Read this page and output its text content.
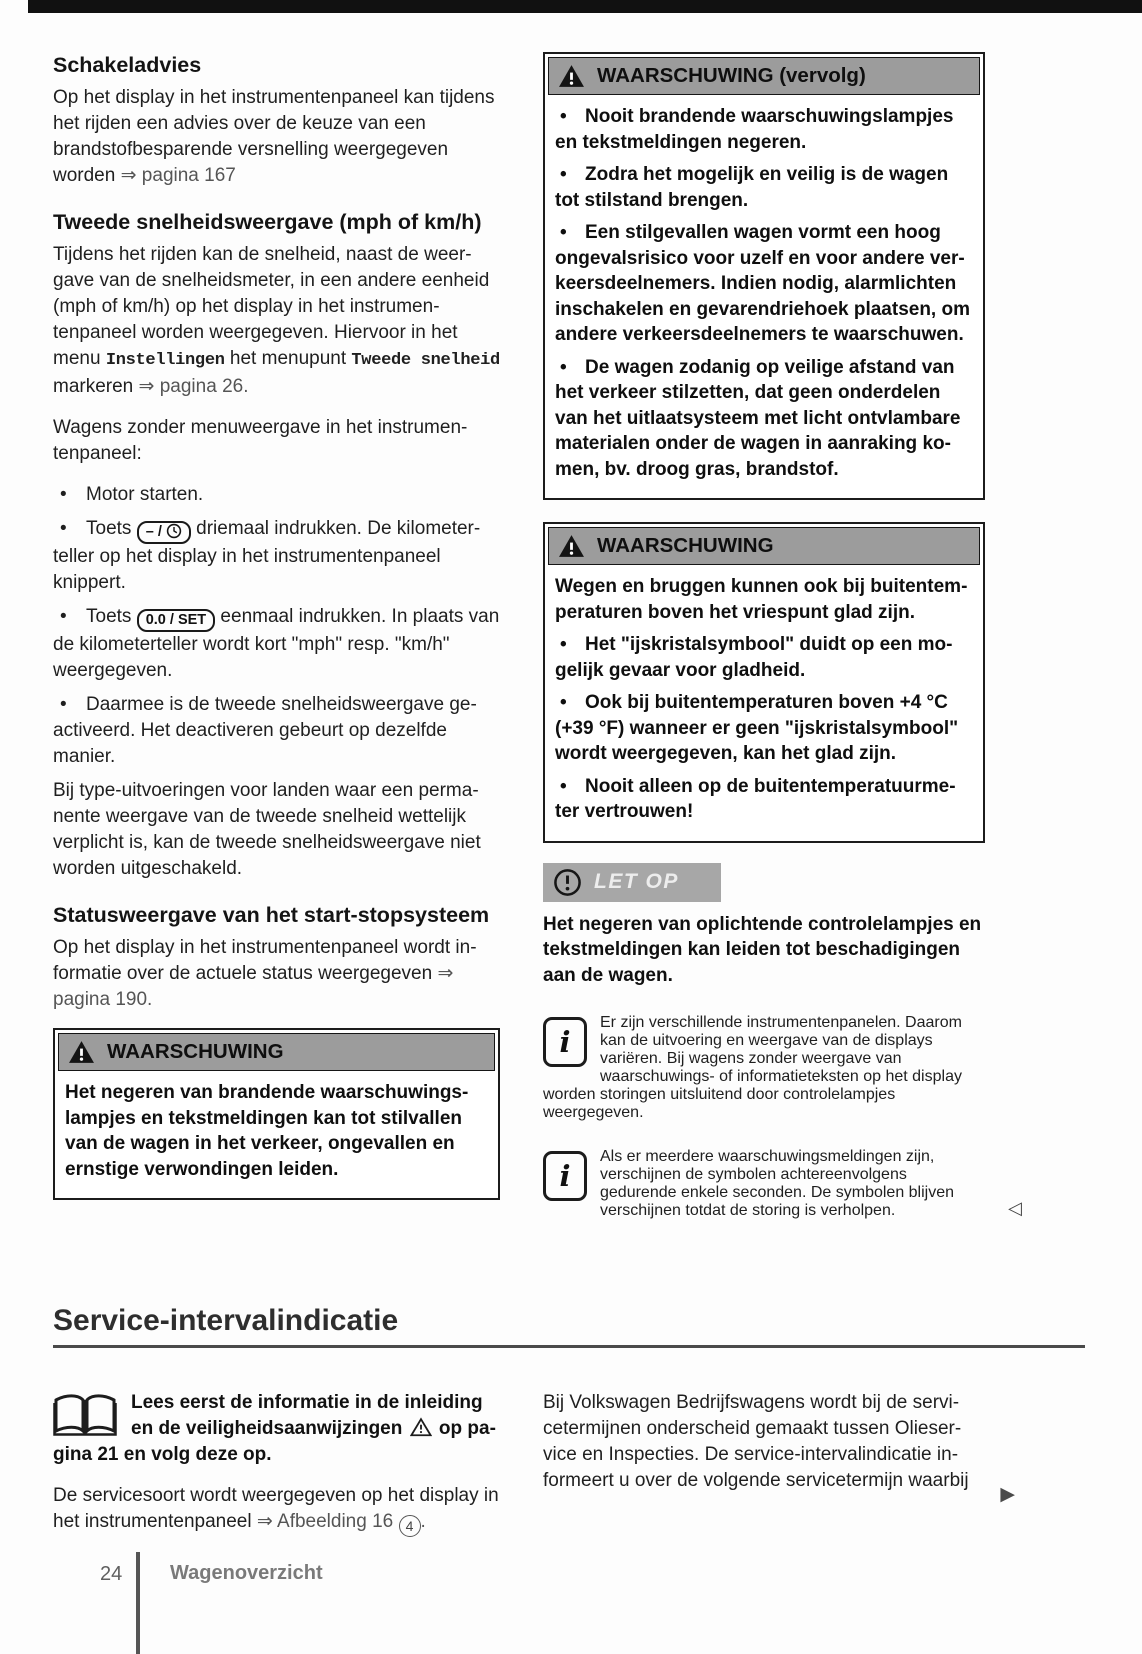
Schakeladvies

Op het display in het instrumentenpaneel kan tijdens het rijden een advies over de keuze van een brandstofbesparende versnelling weergegeven worden ⇒ pagina 167

Tweede snelheidsweergave (mph of km/h)

Tijdens het rijden kan de snelheid, naast de weergave van de snelheidsmeter, in een andere eenheid (mph of km/h) op het display in het instrumentenpaneel worden weergegeven. Hiervoor in het menu Instellingen het menupunt Tweede snelheid markeren ⇒ pagina 26.

Wagens zonder menuweergave in het instrumentenpaneel:

• Motor starten.

• Toets – /  driemaal indrukken. De kilometerteller op het display in het instrumentenpaneel knippert.

• Toets 0.0 / SET eenmaal indrukken. In plaats van de kilometerteller wordt kort "mph" resp. "km/h" weergegeven.

• Daarmee is de tweede snelheidsweergave geactiveerd. Het deactiveren gebeurt op dezelfde manier.

Bij type-uitvoeringen voor landen waar een permanente weergave van de tweede snelheid wettelijk verplicht is, kan de tweede snelheidsweergave niet worden uitgeschakeld.

Statusweergave van het start-stopsysteem

Op het display in het instrumentenpaneel wordt informatie over de actuele status weergegeven ⇒ pagina 190.

WAARSCHUWING

Het negeren van brandende waarschuwingslampjes en tekstmeldingen kan tot stilvallen van de wagen in het verkeer, ongevallen en ernstige verwondingen leiden.

WAARSCHUWING (vervolg)

• Nooit brandende waarschuwingslampjes en tekstmeldingen negeren.

• Zodra het mogelijk en veilig is de wagen tot stilstand brengen.

• Een stilgevallen wagen vormt een hoog ongevalsrisico voor uzelf en voor andere verkeersdeelnemers. Indien nodig, alarmlichten inschakelen en gevarendriehoek plaatsen, om andere verkeersdeelnemers te waarschuwen.

• De wagen zodanig op veilige afstand van het verkeer stilzetten, dat geen onderdelen van het uitlaatsysteem met licht ontvlambare materialen onder de wagen in aanraking komen, bv. droog gras, brandstof.

WAARSCHUWING

Wegen en bruggen kunnen ook bij buitentemperaturen boven het vriespunt glad zijn.

• Het "ijskristalsymbool" duidt op een mogelijk gevaar voor gladheid.

• Ook bij buitentemperaturen boven +4 °C (+39 °F) wanneer er geen "ijskristalsymbool" wordt weergegeven, kan het glad zijn.

• Nooit alleen op de buitentemperatuurmeter vertrouwen!

LET OP

Het negeren van oplichtende controlelampjes en tekstmeldingen kan leiden tot beschadigingen aan de wagen.

i
Er zijn verschillende instrumentenpanelen. Daarom kan de uitvoering en weergave van de displays variëren. Bij wagens zonder weergave van waarschuwings- of informatieteksten op het display worden storingen uitsluitend door controlelampjes weergegeven.
i
Als er meerdere waarschuwingsmeldingen zijn, verschijnen de symbolen achtereenvolgens gedurende enkele seconden. De symbolen blijven verschijnen totdat de storing is verholpen.	◁
Service-intervalindicatie

Lees eerst de informatie in de inleiding en de veiligheidsaanwijzingen  op pagina 21 en volg deze op.

De servicesoort wordt weergegeven op het display in het instrumentenpaneel ⇒ Afbeelding 16 4 .

Bij Volkswagen Bedrijfswagens wordt bij de servicetermijnen onderscheid gemaakt tussen Olieservice en Inspecties. De service-intervalindicatie informeert u over de volgende servicetermijn waarbij

▶
24 Wagenoverzicht
